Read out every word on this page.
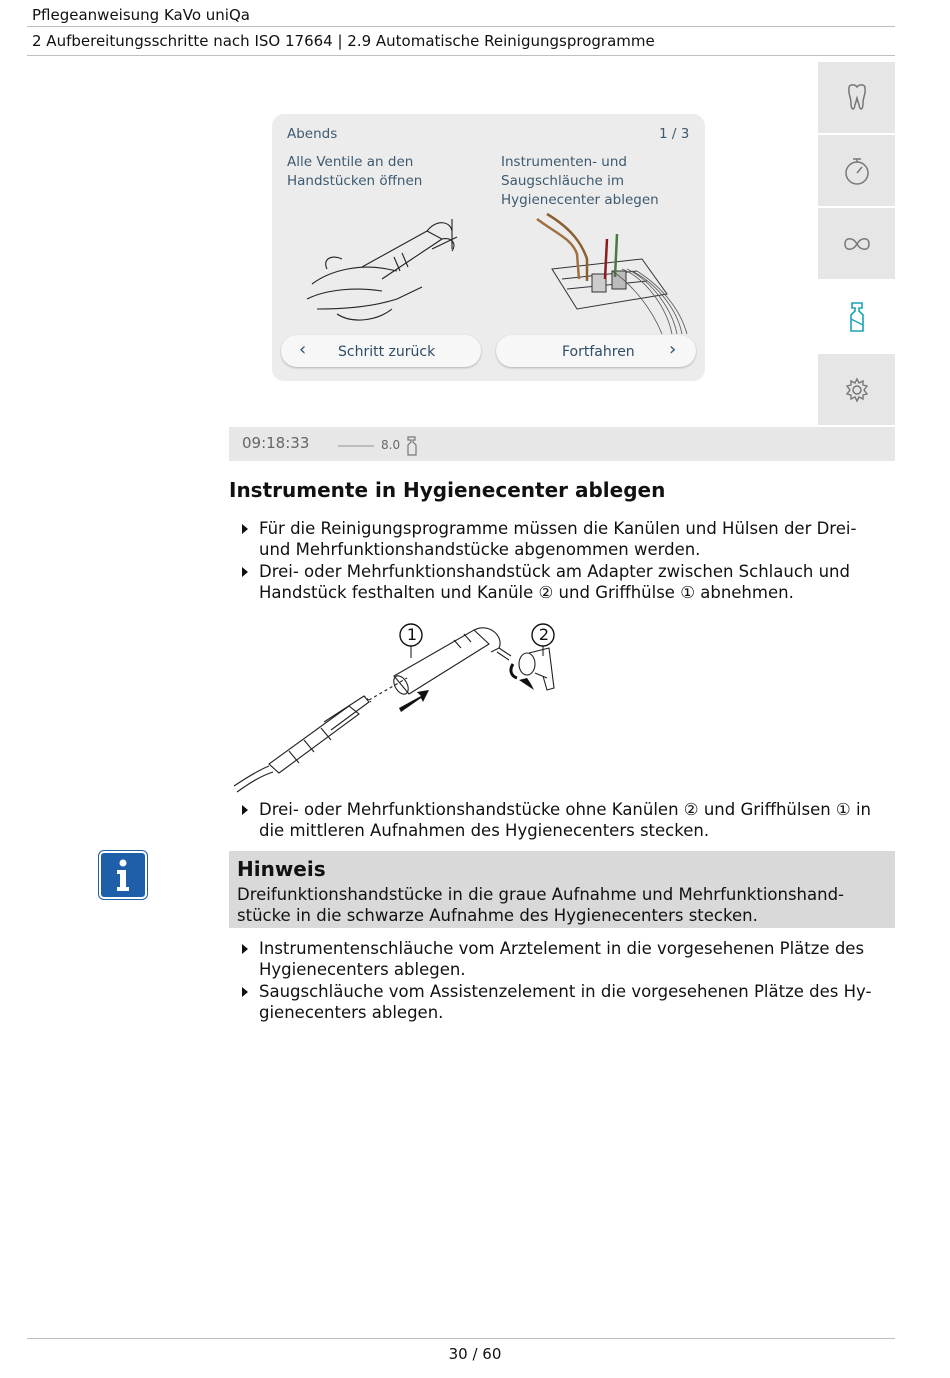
Pflegeanweisung KaVo uniQa
2 Aufbereitungsschritte nach ISO 17664 | 2.9 Automatische Reinigungsprogramme
Abends	1 / 3
Alle Ventile an den
Handstücken öffnen
Instrumenten- und
Saugschläuche im
Hygienecenter ablegen
‹ Schritt zurück	Fortfahren ›
09:18:33	8.0
Instrumente in Hygienecenter ablegen
Für die Reinigungsprogramme müssen die Kanülen und Hülsen der Drei-
und Mehrfunktionshandstücke abgenommen werden.
Drei- oder Mehrfunktionshandstück am Adapter zwischen Schlauch und
Handstück festhalten und Kanüle ② und Griffhülse ① abnehmen.
1	2
Drei- oder Mehrfunktionshandstücke ohne Kanülen ② und Griffhülsen ① in
die mittleren Aufnahmen des Hygienecenters stecken.
Hinweis
Dreifunktionshandstücke in die graue Aufnahme und Mehrfunktionshand-
stücke in die schwarze Aufnahme des Hygienecenters stecken.
Instrumentenschläuche vom Arztelement in die vorgesehenen Plätze des
Hygienecenters ablegen.
Saugschläuche vom Assistenzelement in die vorgesehenen Plätze des Hy-
gienecenters ablegen.
30 / 60
